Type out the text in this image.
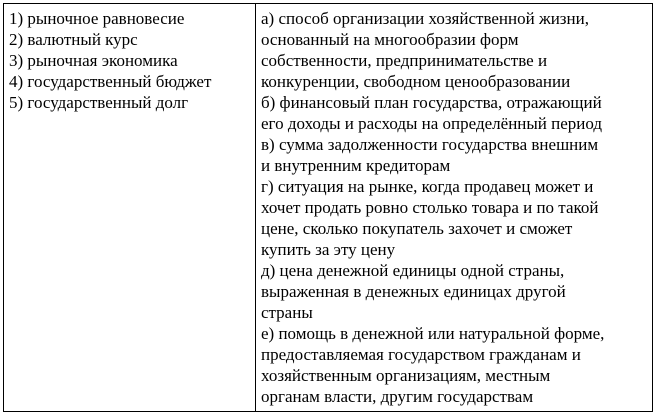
1) рыночное равновесие
2) валютный курс
3) рыночная экономика
4) государственный бюджет
5) государственный долг
а) способ организации хозяйственной жизни,
основанный на многообразии форм
собственности, предпринимательстве и
конкуренции, свободном ценообразовании
б) финансовый план государства, отражающий
его доходы и расходы на определённый период
в) сумма задолженности государства внешним
и внутренним кредиторам
г) ситуация на рынке, когда продавец может и
хочет продать ровно столько товара и по такой
цене, сколько покупатель захочет и сможет
купить за эту цену
д) цена денежной единицы одной страны,
выраженная в денежных единицах другой
страны
е) помощь в денежной или натуральной форме,
предоставляемая государством гражданам и
хозяйственным организациям, местным
органам власти, другим государствам
